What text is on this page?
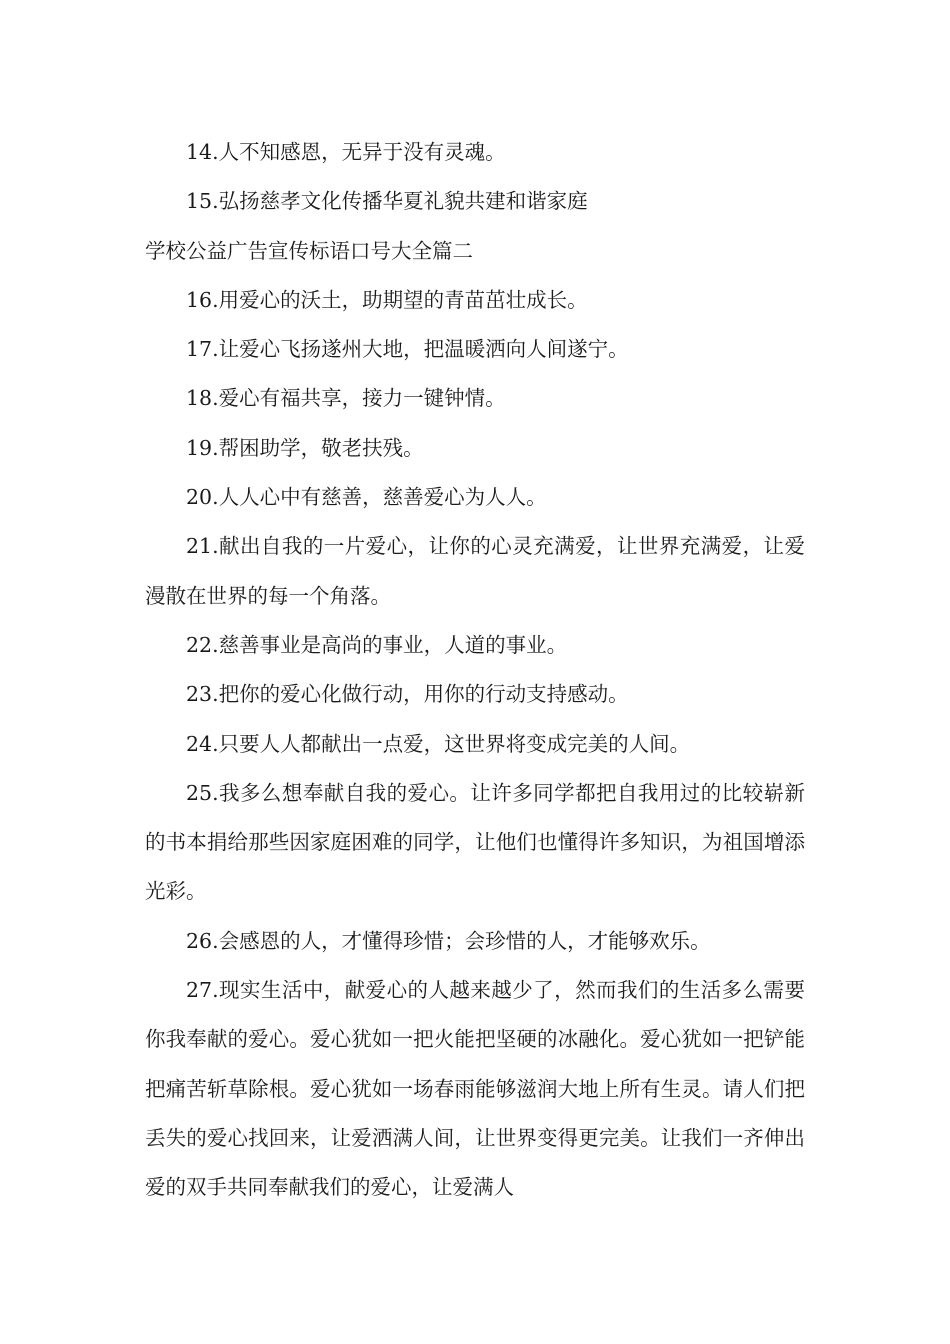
14.人不知感恩，无异于没有灵魂。

15.弘扬慈孝文化传播华夏礼貌共建和谐家庭

学校公益广告宣传标语口号大全篇二

16.用爱心的沃土，助期望的青苗茁壮成长。

17.让爱心飞扬遂州大地，把温暖洒向人间遂宁。

18.爱心有福共享，接力一键钟情。

19.帮困助学，敬老扶残。

20.人人心中有慈善，慈善爱心为人人。

21.献出自我的一片爱心，让你的心灵充满爱，让世界充满爱，让爱漫散在世界的每一个角落。

22.慈善事业是高尚的事业，人道的事业。

23.把你的爱心化做行动，用你的行动支持感动。

24.只要人人都献出一点爱，这世界将变成完美的人间。

25.我多么想奉献自我的爱心。让许多同学都把自我用过的比较崭新的书本捐给那些因家庭困难的同学，让他们也懂得许多知识，为祖国增添光彩。

26.会感恩的人，才懂得珍惜；会珍惜的人，才能够欢乐。

27.现实生活中，献爱心的人越来越少了，然而我们的生活多么需要你我奉献的爱心。爱心犹如一把火能把坚硬的冰融化。爱心犹如一把铲能把痛苦斩草除根。爱心犹如一场春雨能够滋润大地上所有生灵。请人们把丢失的爱心找回来，让爱洒满人间，让世界变得更完美。让我们一齐伸出爱的双手共同奉献我们的爱心，让爱满人
